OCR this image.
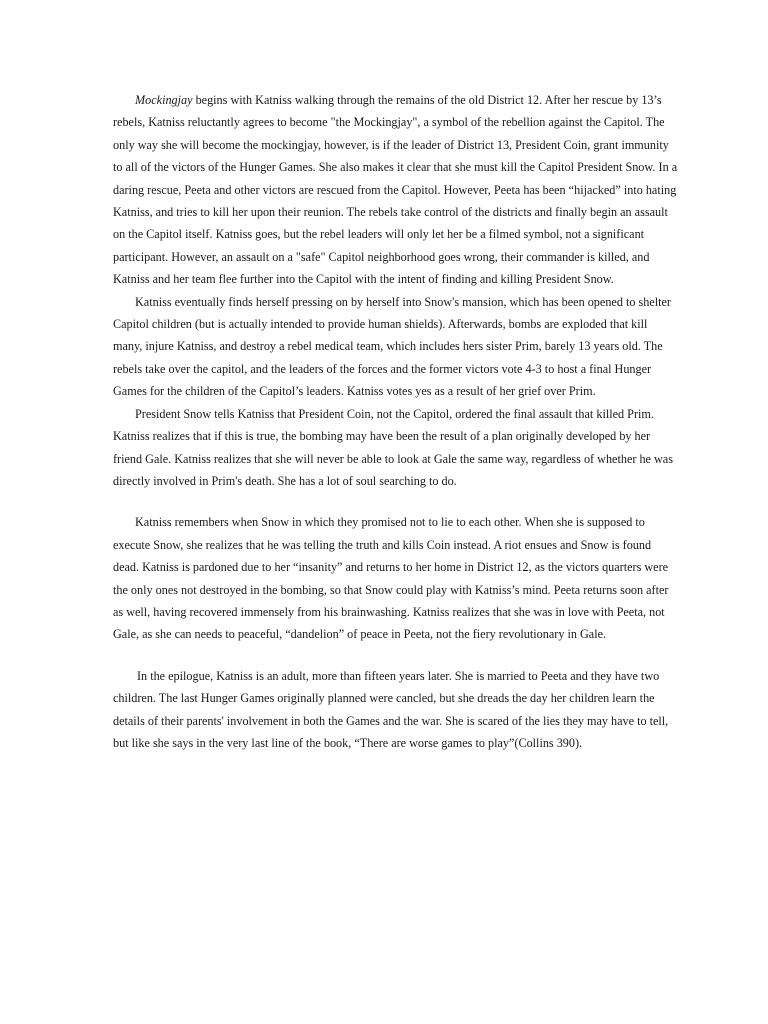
Mockingjay begins with Katniss walking through the remains of the old District 12. After her rescue by 13’s rebels, Katniss reluctantly agrees to become "the Mockingjay", a symbol of the rebellion against the Capitol. The only way she will become the mockingjay, however, is if the leader of District 13, President Coin, grant immunity to all of the victors of the Hunger Games. She also makes it clear that she must kill the Capitol President Snow. In a daring rescue, Peeta and other victors are rescued from the Capitol. However, Peeta has been “hijacked” into hating Katniss, and tries to kill her upon their reunion. The rebels take control of the districts and finally begin an assault on the Capitol itself. Katniss goes, but the rebel leaders will only let her be a filmed symbol, not a significant participant. However, an assault on a "safe" Capitol neighborhood goes wrong, their commander is killed, and Katniss and her team flee further into the Capitol with the intent of finding and killing President Snow.

Katniss eventually finds herself pressing on by herself into Snow's mansion, which has been opened to shelter Capitol children (but is actually intended to provide human shields). Afterwards, bombs are exploded that kill many, injure Katniss, and destroy a rebel medical team, which includes hers sister Prim, barely 13 years old. The rebels take over the capitol, and the leaders of the forces and the former victors vote 4-3 to host a final Hunger Games for the children of the Capitol’s leaders. Katniss votes yes as a result of her grief over Prim.

President Snow tells Katniss that President Coin, not the Capitol, ordered the final assault that killed Prim. Katniss realizes that if this is true, the bombing may have been the result of a plan originally developed by her friend Gale. Katniss realizes that she will never be able to look at Gale the same way, regardless of whether he was directly involved in Prim's death. She has a lot of soul searching to do.

Katniss remembers when Snow in which they promised not to lie to each other. When she is supposed to execute Snow, she realizes that he was telling the truth and kills Coin instead. A riot ensues and Snow is found dead. Katniss is pardoned due to her “insanity” and returns to her home in District 12, as the victors quarters were the only ones not destroyed in the bombing, so that Snow could play with Katniss’s mind. Peeta returns soon after as well, having recovered immensely from his brainwashing. Katniss realizes that she was in love with Peeta, not Gale, as she can needs to peaceful, “dandelion” of peace in Peeta, not the fiery revolutionary in Gale.

In the epilogue, Katniss is an adult, more than fifteen years later. She is married to Peeta and they have two children. The last Hunger Games originally planned were cancled, but she dreads the day her children learn the details of their parents' involvement in both the Games and the war. She is scared of the lies they may have to tell, but like she says in the very last line of the book, “There are worse games to play”(Collins 390).
